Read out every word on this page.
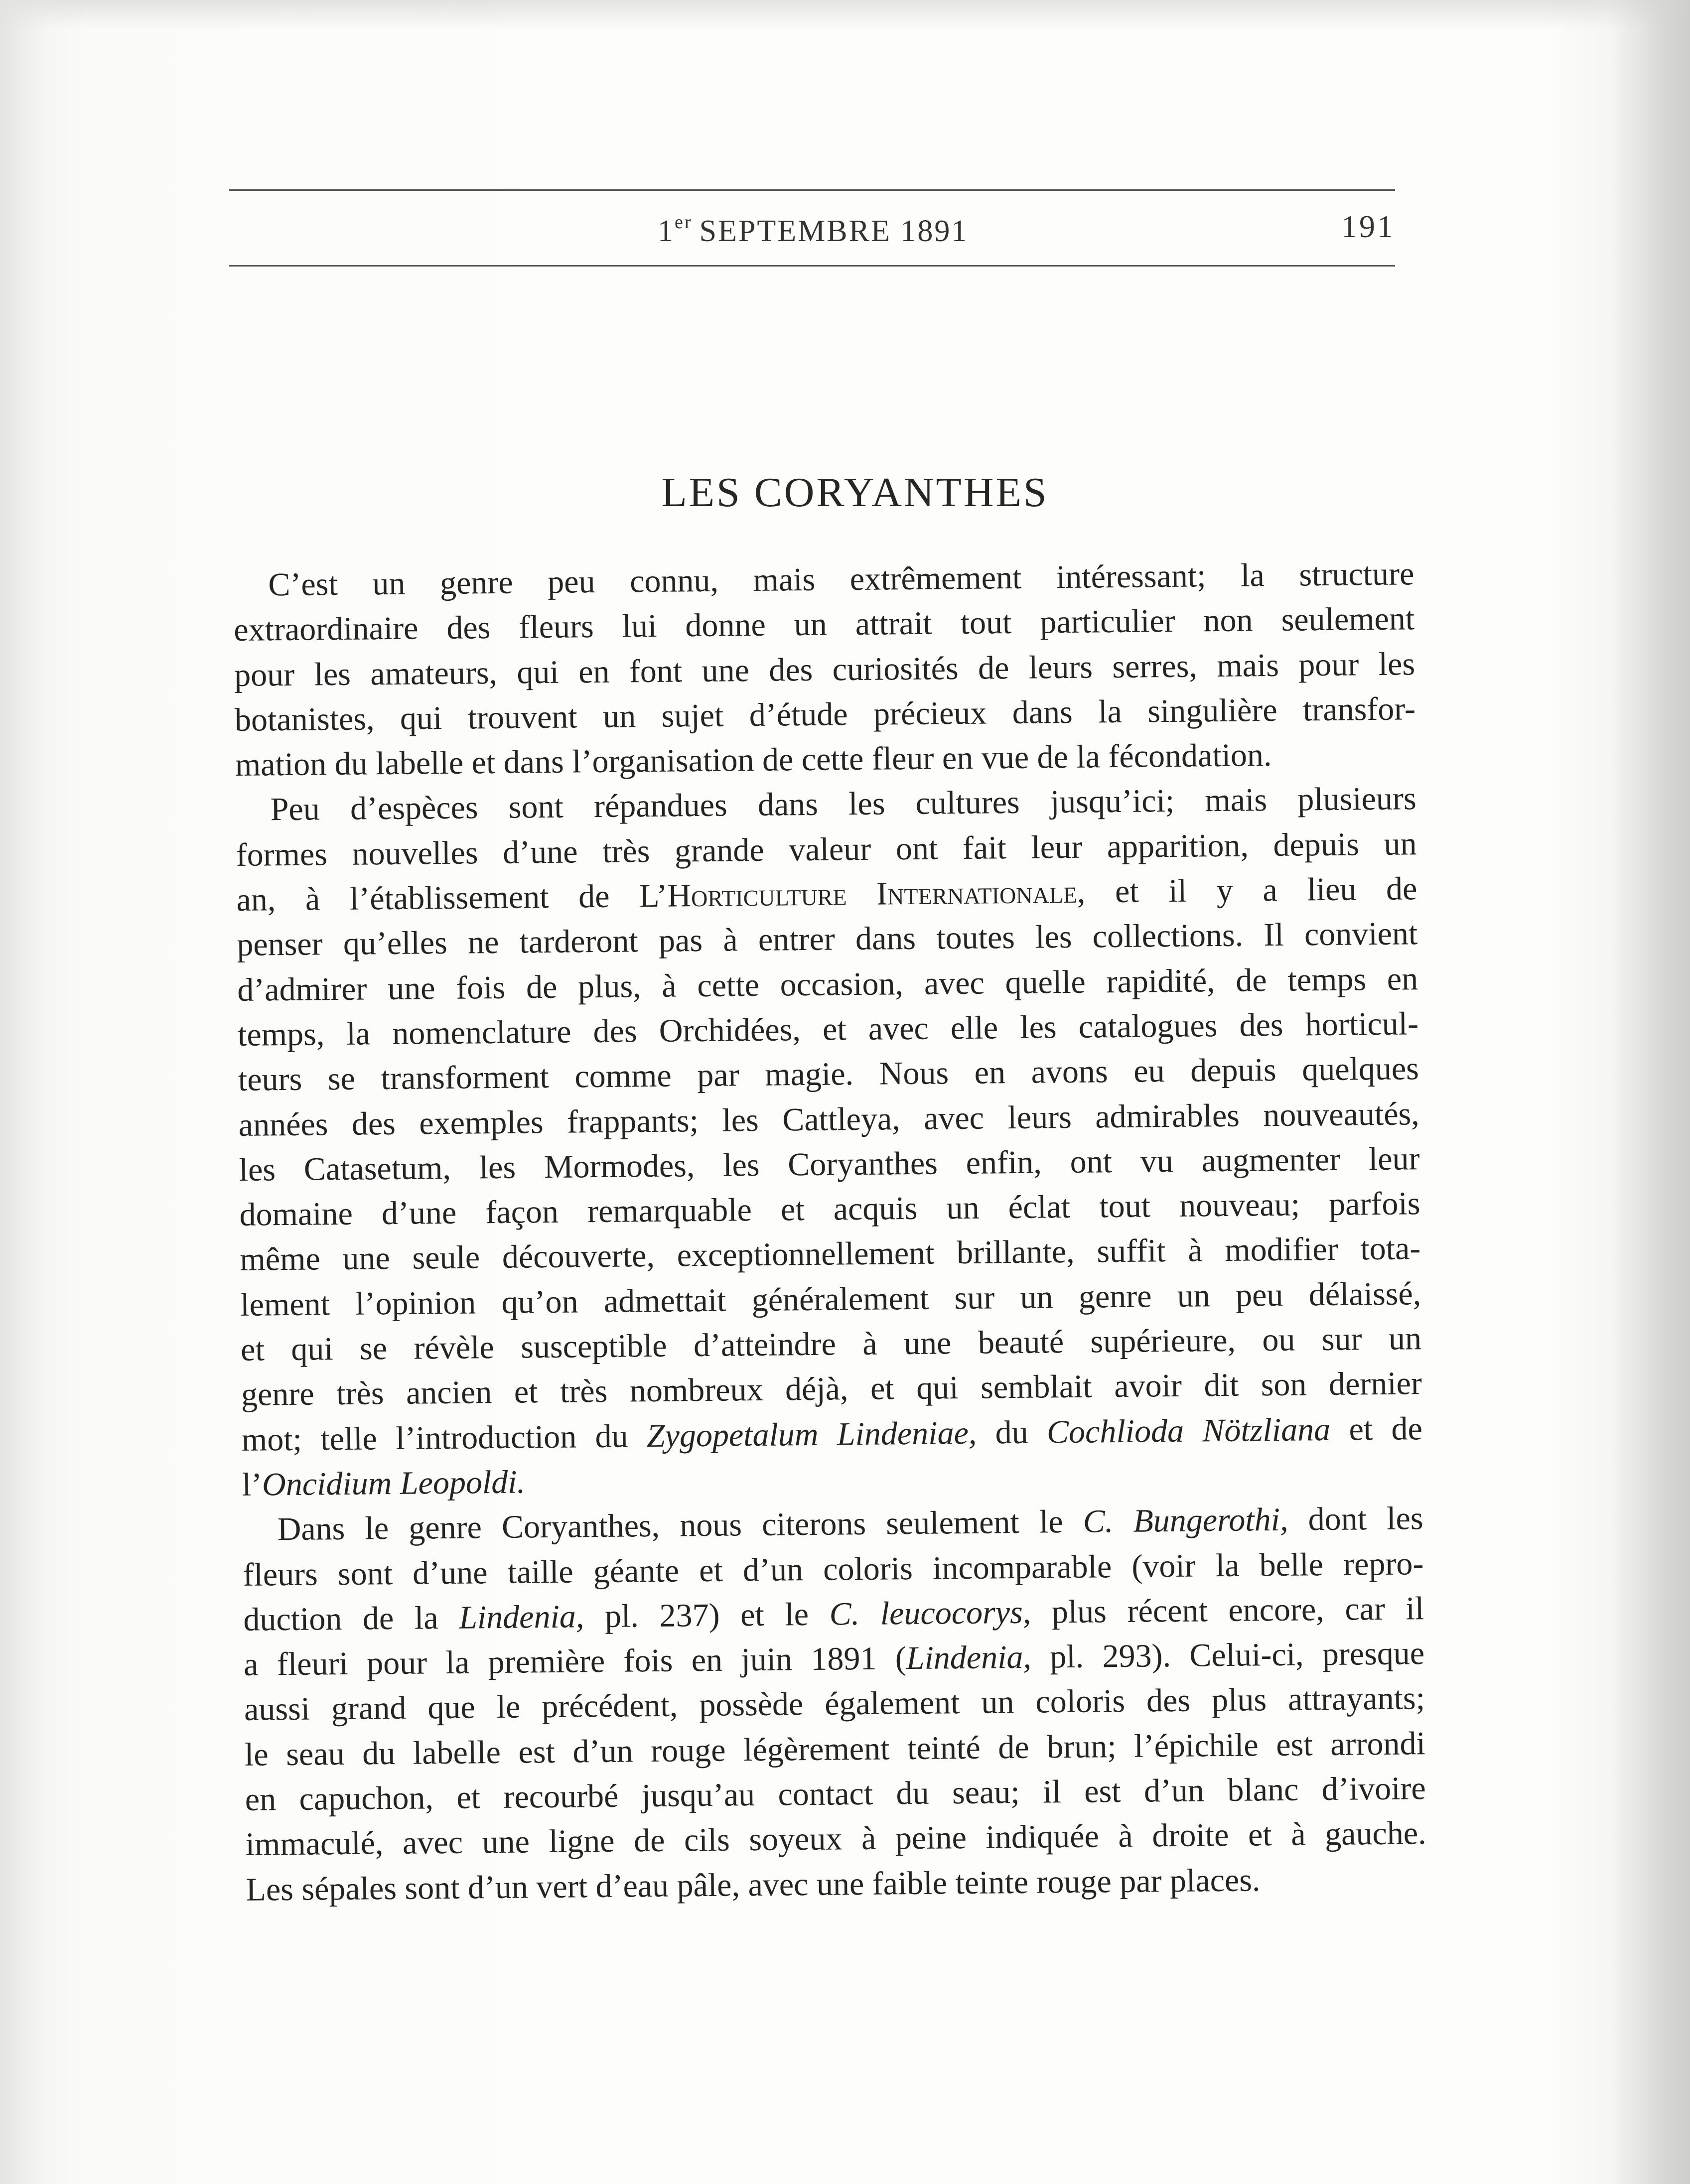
1er SEPTEMBRE 1891	191
LES CORYANTHES
C’est un genre peu connu, mais extrêmement intéressant; la structure
extraordinaire des fleurs lui donne un attrait tout particulier non seulement
pour les amateurs, qui en font une des curiosités de leurs serres, mais pour les
botanistes, qui trouvent un sujet d’étude précieux dans la singulière transfor-
mation du labelle et dans l’organisation de cette fleur en vue de la fécondation.
Peu d’espèces sont répandues dans les cultures jusqu’ici; mais plusieurs
formes nouvelles d’une très grande valeur ont fait leur apparition, depuis un
an, à l’établissement de L’Horticulture Internationale, et il y a lieu de
penser qu’elles ne tarderont pas à entrer dans toutes les collections. Il convient
d’admirer une fois de plus, à cette occasion, avec quelle rapidité, de temps en
temps, la nomenclature des Orchidées, et avec elle les catalogues des horticul-
teurs se transforment comme par magie. Nous en avons eu depuis quelques
années des exemples frappants; les Cattleya, avec leurs admirables nouveautés,
les Catasetum, les Mormodes, les Coryanthes enfin, ont vu augmenter leur
domaine d’une façon remarquable et acquis un éclat tout nouveau; parfois
même une seule découverte, exceptionnellement brillante, suffit à modifier tota-
lement l’opinion qu’on admettait généralement sur un genre un peu délaissé,
et qui se révèle susceptible d’atteindre à une beauté supérieure, ou sur un
genre très ancien et très nombreux déjà, et qui semblait avoir dit son dernier
mot; telle l’introduction du Zygopetalum Lindeniae, du Cochlioda Nötzliana et de
l’Oncidium Leopoldi.
Dans le genre Coryanthes, nous citerons seulement le C. Bungerothi, dont les
fleurs sont d’une taille géante et d’un coloris incomparable (voir la belle repro-
duction de la Lindenia, pl. 237) et le C. leucocorys, plus récent encore, car il
a fleuri pour la première fois en juin 1891 (Lindenia, pl. 293). Celui-ci, presque
aussi grand que le précédent, possède également un coloris des plus attrayants;
le seau du labelle est d’un rouge légèrement teinté de brun; l’épichile est arrondi
en capuchon, et recourbé jusqu’au contact du seau; il est d’un blanc d’ivoire
immaculé, avec une ligne de cils soyeux à peine indiquée à droite et à gauche.
Les sépales sont d’un vert d’eau pâle, avec une faible teinte rouge par places.
